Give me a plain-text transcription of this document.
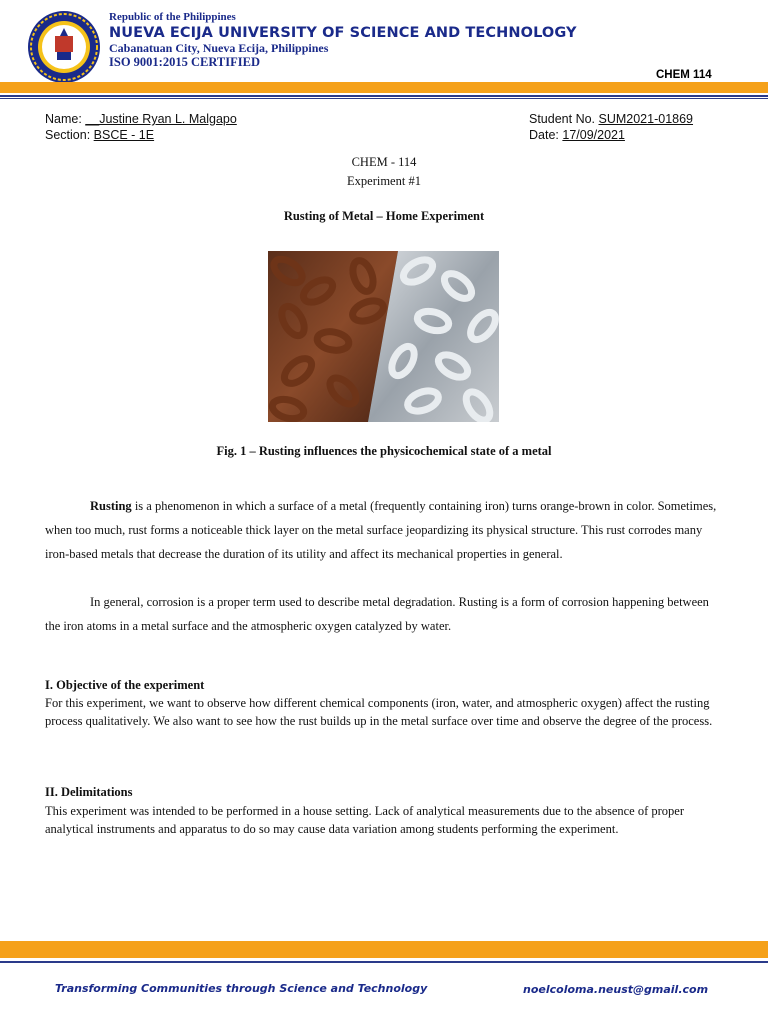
Republic of the Philippines
NUEVA ECIJA UNIVERSITY OF SCIENCE AND TECHNOLOGY
Cabanatuan City, Nueva Ecija, Philippines
ISO 9001:2015 CERTIFIED
CHEM 114
Name: __Justine Ryan L. Malgapo
Section: BSCE - 1E
Student No. SUM2021-01869
Date: 17/09/2021
CHEM - 114
Experiment #1
Rusting of Metal – Home Experiment
Fig. 1 – Rusting influences the physicochemical state of a metal
Rusting is a phenomenon in which a surface of a metal (frequently containing iron) turns orange-brown in color. Sometimes, when too much, rust forms a noticeable thick layer on the metal surface jeopardizing its physical structure. This rust corrodes many iron-based metals that decrease the duration of its utility and affect its mechanical properties in general.
In general, corrosion is a proper term used to describe metal degradation. Rusting is a form of corrosion happening between the iron atoms in a metal surface and the atmospheric oxygen catalyzed by water.
I. Objective of the experiment
For this experiment, we want to observe how different chemical components (iron, water, and atmospheric oxygen) affect the rusting process qualitatively. We also want to see how the rust builds up in the metal surface over time and observe the degree of the process.
II. Delimitations
This experiment was intended to be performed in a house setting. Lack of analytical measurements due to the absence of proper analytical instruments and apparatus to do so may cause data variation among students performing the experiment.
Transforming Communities through Science and Technology	noelcoloma.neust@gmail.com
